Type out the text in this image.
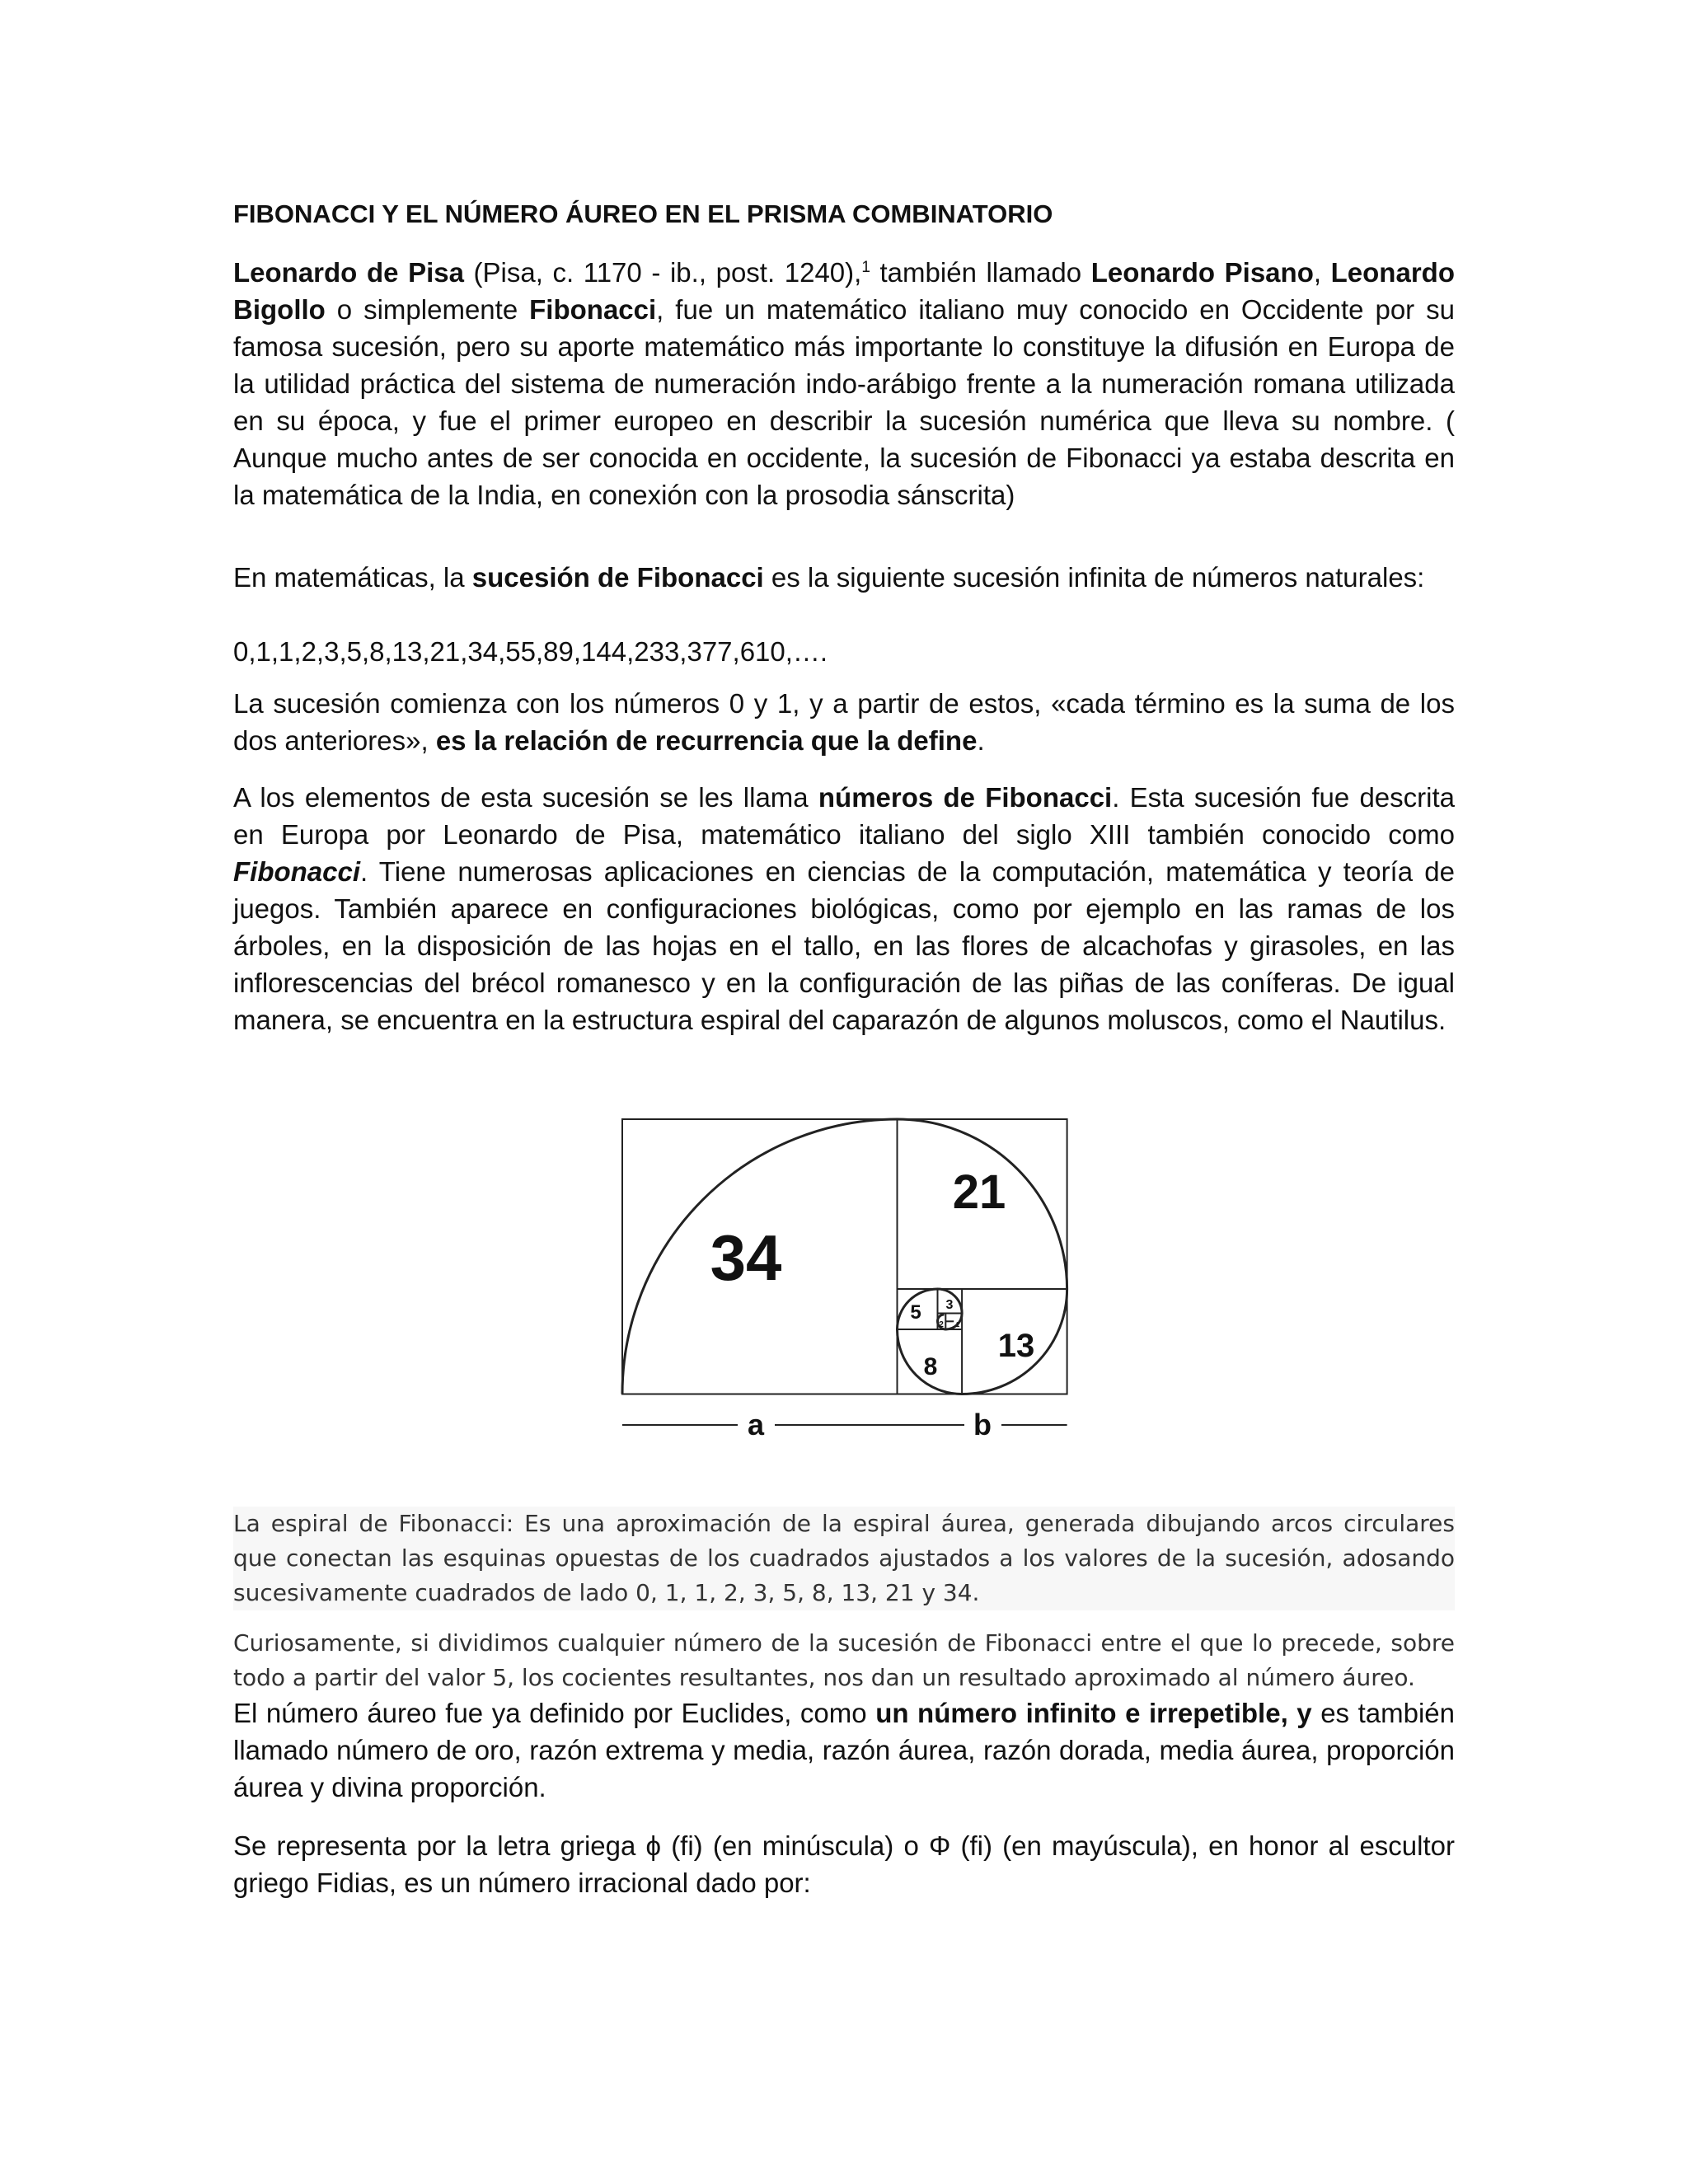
FIBONACCI Y EL NÚMERO ÁUREO EN EL PRISMA COMBINATORIO

Leonardo de Pisa (Pisa, c. 1170 - ib., post. 1240),$^1$ también llamado Leonardo Pisano, Leonardo Bigollo o simplemente Fibonacci, fue un matemático italiano muy conocido en Occidente por su famosa sucesión, pero su aporte matemático más importante lo constituye la difusión en Europa de la utilidad práctica del sistema de numeración indo-arábigo frente a la numeración romana utilizada en su época, y fue el primer europeo en describir la sucesión numérica que lleva su nombre. ( Aunque mucho antes de ser conocida en occidente, la sucesión de Fibonacci ya estaba descrita en la matemática de la India, en conexión con la prosodia sánscrita)

En matemáticas, la sucesión de Fibonacci es la siguiente sucesión infinita de números naturales:

0,1,1,2,3,5,8,13,21,34,55,89,144,233,377,610,….

La sucesión comienza con los números 0 y 1, y a partir de estos, «cada término es la suma de los dos anteriores», es la relación de recurrencia que la define.

A los elementos de esta sucesión se les llama números de Fibonacci. Esta sucesión fue descrita en Europa por Leonardo de Pisa, matemático italiano del siglo XIII también conocido como Fibonacci. Tiene numerosas aplicaciones en ciencias de la computación, matemática y teoría de juegos. También aparece en configuraciones biológicas, como por ejemplo en las ramas de los árboles, en la disposición de las hojas en el tallo, en las flores de alcachofas y girasoles, en las inflorescencias del brécol romanesco y en la configuración de las piñas de las coníferas. De igual manera, se encuentra en la estructura espiral del caparazón de algunos moluscos, como el Nautilus.

34
21
13
8
5 3
2 1
a	b

La espiral de Fibonacci: Es una aproximación de la espiral áurea, generada dibujando arcos circulares que conectan las esquinas opuestas de los cuadrados ajustados a los valores de la sucesión, adosando sucesivamente cuadrados de lado 0, 1, 1, 2, 3, 5, 8, 13, 21 y 34.

Curiosamente, si dividimos cualquier número de la sucesión de Fibonacci entre el que lo precede, sobre todo a partir del valor 5, los cocientes resultantes, nos dan un resultado aproximado al número áureo.

El número áureo fue ya definido por Euclides, como un número infinito e irrepetible, y es también llamado número de oro, razón extrema y media, razón áurea, razón dorada, media áurea, proporción áurea y divina proporción.

Se representa por la letra griega ϕ (fi) (en minúscula) o Φ (fi) (en mayúscula), en honor al escultor griego Fidias, es un número irracional dado por:
